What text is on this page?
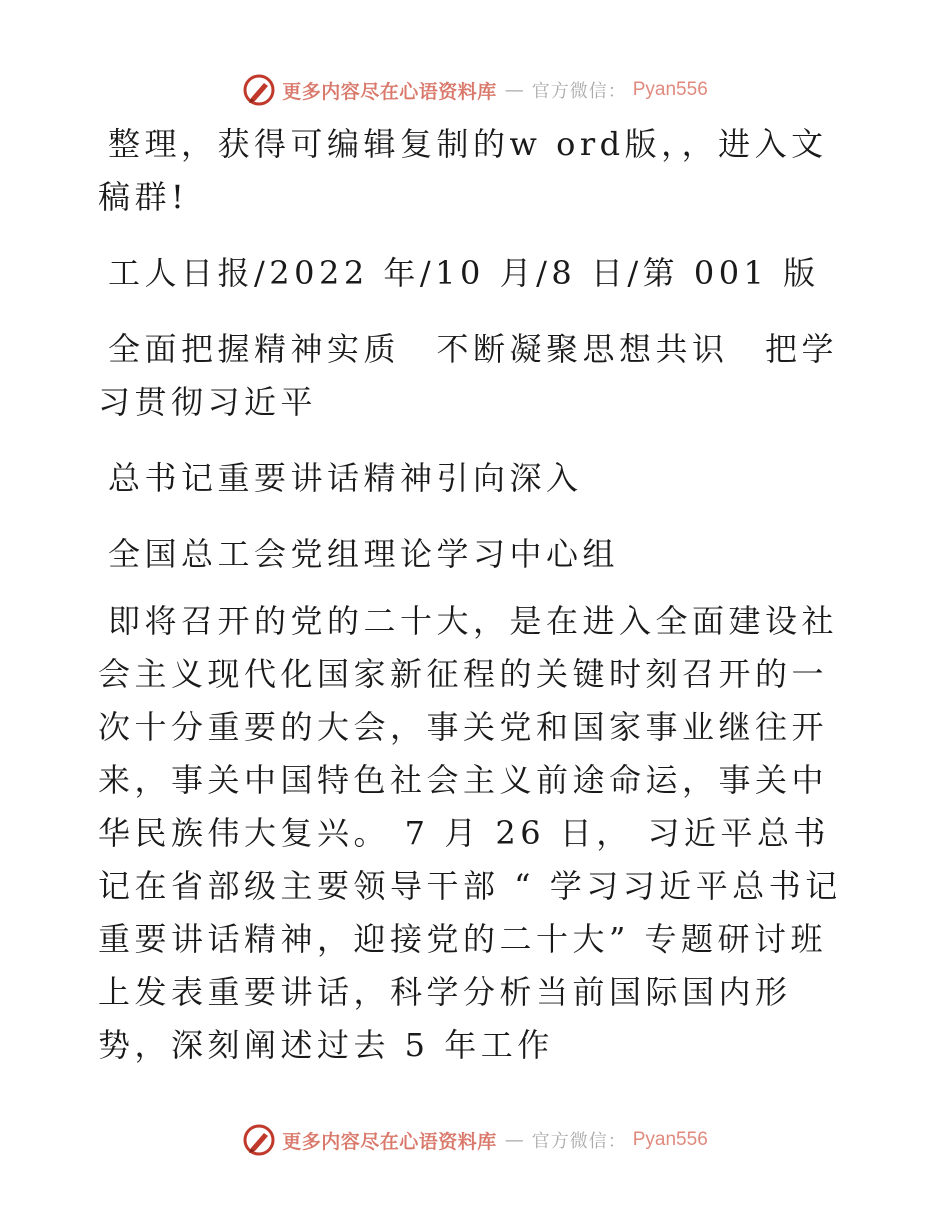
更多内容尽在心语资料库 — 官方微信： Pyan556

整理，获得可编辑复制的w ord版，，进入文稿群!

工人日报/2022 年/10 月/8 日/第 001 版

全面把握精神实质　不断凝聚思想共识　把学习贯彻习近平

总书记重要讲话精神引向深入

全国总工会党组理论学习中心组

即将召开的党的二十大，是在进入全面建设社会主义现代化国家新征程的关键时刻召开的一次十分重要的大会，事关党和国家事业继往开来，事关中国特色社会主义前途命运，事关中华民族伟大复兴。 7 月 26 日， 习近平总书记在省部级主要领导干部 “ 学习习近平总书记重要讲话精神，迎接党的二十大” 专题研讨班上发表重要讲话，科学分析当前国际国内形势，深刻阐述过去 5 年工作

更多内容尽在心语资料库 — 官方微信： Pyan556
